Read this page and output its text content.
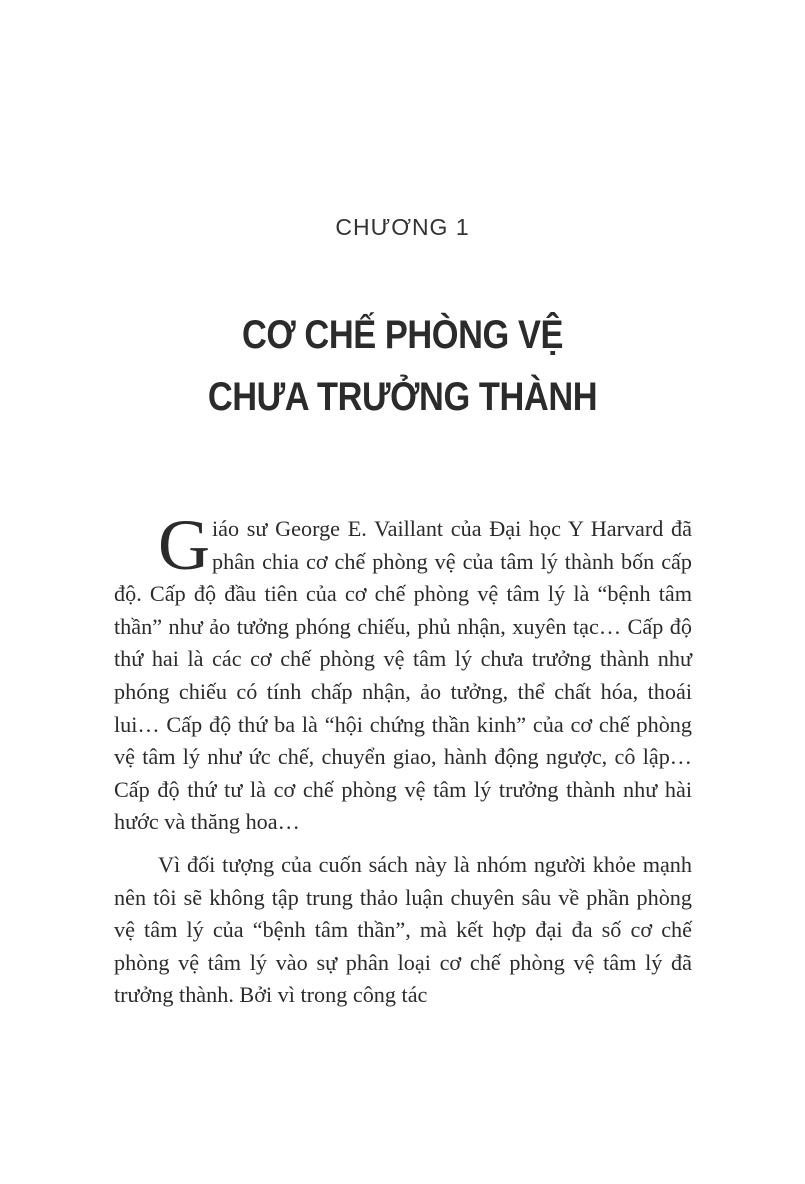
CHƯƠNG 1
CƠ CHẾ PHÒNG VỆ
CHƯA TRƯỞNG THÀNH

Giáo sư George E. Vaillant của Đại học Y Harvard đã phân chia cơ chế phòng vệ của tâm lý thành bốn cấp độ. Cấp độ đầu tiên của cơ chế phòng vệ tâm lý là “bệnh tâm thần” như ảo tưởng phóng chiếu, phủ nhận, xuyên tạc… Cấp độ thứ hai là các cơ chế phòng vệ tâm lý chưa trưởng thành như phóng chiếu có tính chấp nhận, ảo tưởng, thể chất hóa, thoái lui… Cấp độ thứ ba là “hội chứng thần kinh” của cơ chế phòng vệ tâm lý như ức chế, chuyển giao, hành động ngược, cô lập… Cấp độ thứ tư là cơ chế phòng vệ tâm lý trưởng thành như hài hước và thăng hoa…

Vì đối tượng của cuốn sách này là nhóm người khỏe mạnh nên tôi sẽ không tập trung thảo luận chuyên sâu về phần phòng vệ tâm lý của “bệnh tâm thần”, mà kết hợp đại đa số cơ chế phòng vệ tâm lý vào sự phân loại cơ chế phòng vệ tâm lý đã trưởng thành. Bởi vì trong công tác
